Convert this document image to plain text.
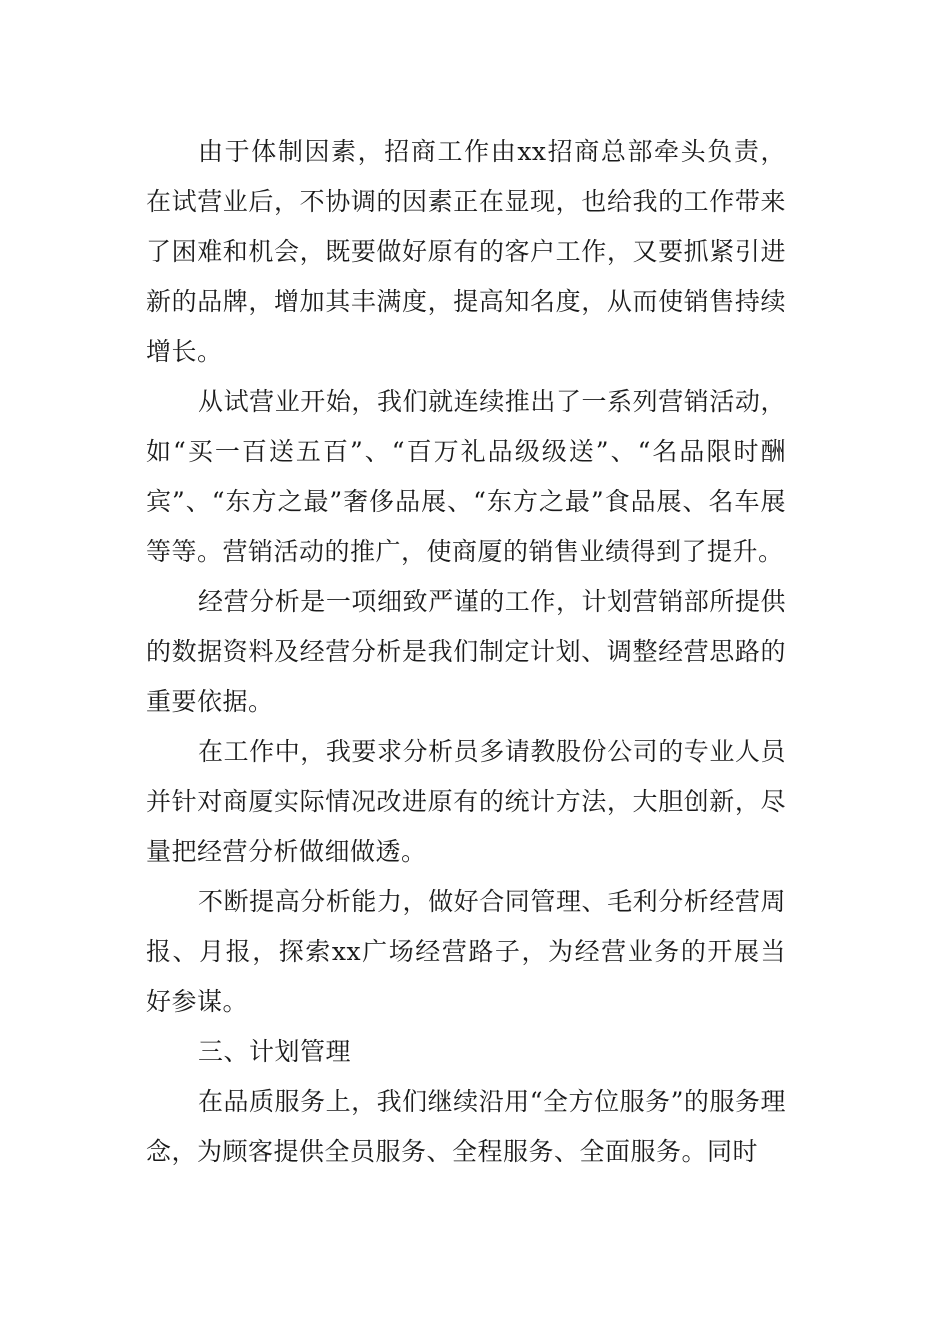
由于体制因素，招商工作由xx招商总部牵头负责，在试营业后，不协调的因素正在显现，也给我的工作带来了困难和机会，既要做好原有的客户工作，又要抓紧引进新的品牌，增加其丰满度，提高知名度，从而使销售持续增长。

从试营业开始，我们就连续推出了一系列营销活动，如“买一百送五百”、“百万礼品级级送”、“名品限时酬宾”、“东方之最”奢侈品展、“东方之最”食品展、名车展等等。营销活动的推广，使商厦的销售业绩得到了提升。

经营分析是一项细致严谨的工作，计划营销部所提供的数据资料及经营分析是我们制定计划、调整经营思路的重要依据。

在工作中，我要求分析员多请教股份公司的专业人员并针对商厦实际情况改进原有的统计方法，大胆创新，尽量把经营分析做细做透。

不断提高分析能力，做好合同管理、毛利分析经营周报、月报，探索xx广场经营路子，为经营业务的开展当好参谋。

三、计划管理

在品质服务上，我们继续沿用“全方位服务”的服务理念，为顾客提供全员服务、全程服务、全面服务。同时
